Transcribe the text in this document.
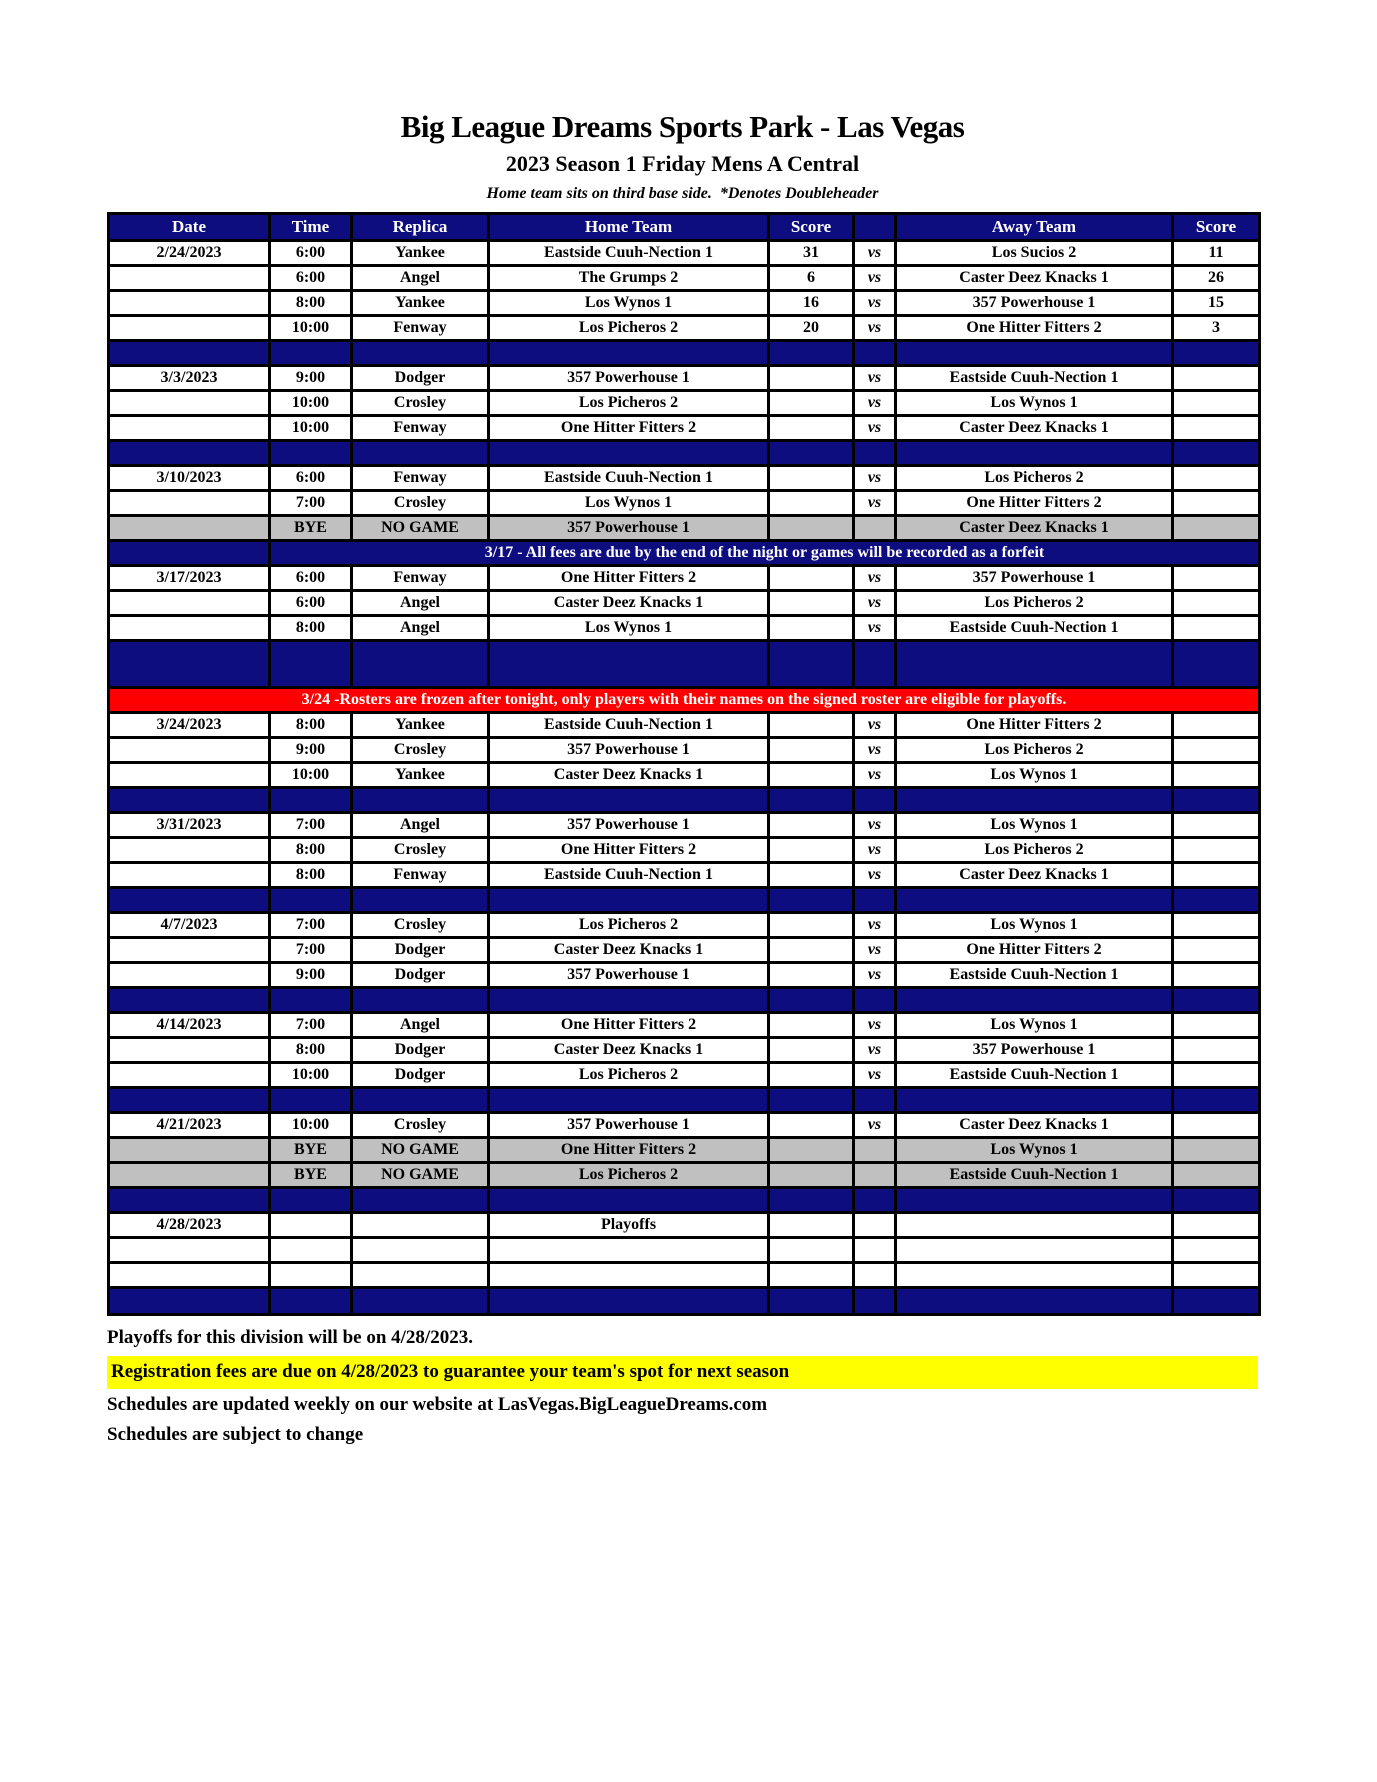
Big League Dreams Sports Park - Las Vegas
2023 Season 1 Friday Mens A Central
Home team sits on third base side.  *Denotes Doubleheader
Date	Time	Replica	Home Team	Score		Away Team	Score
2/24/2023	6:00	Yankee	Eastside Cuuh-Nection 1	31	vs	Los Sucios 2	11
	6:00	Angel	The Grumps 2	6	vs	Caster Deez Knacks 1	26
	8:00	Yankee	Los Wynos 1	16	vs	357 Powerhouse 1	15
	10:00	Fenway	Los Picheros 2	20	vs	One Hitter Fitters 2	3

3/3/2023	9:00	Dodger	357 Powerhouse 1		vs	Eastside Cuuh-Nection 1	
	10:00	Crosley	Los Picheros 2		vs	Los Wynos 1	
	10:00	Fenway	One Hitter Fitters 2		vs	Caster Deez Knacks 1	

3/10/2023	6:00	Fenway	Eastside Cuuh-Nection 1		vs	Los Picheros 2	
	7:00	Crosley	Los Wynos 1		vs	One Hitter Fitters 2	
	BYE	NO GAME	357 Powerhouse 1			Caster Deez Knacks 1	
	3/17 - All fees are due by the end of the night or games will be recorded as a forfeit						
3/17/2023	6:00	Fenway	One Hitter Fitters 2		vs	357 Powerhouse 1	
	6:00	Angel	Caster Deez Knacks 1		vs	Los Picheros 2	
	8:00	Angel	Los Wynos 1		vs	Eastside Cuuh-Nection 1	

3/24 -Rosters are frozen after tonight, only players with their names on the signed roster are eligible for playoffs.							
3/24/2023	8:00	Yankee	Eastside Cuuh-Nection 1		vs	One Hitter Fitters 2	
	9:00	Crosley	357 Powerhouse 1		vs	Los Picheros 2	
	10:00	Yankee	Caster Deez Knacks 1		vs	Los Wynos 1	

3/31/2023	7:00	Angel	357 Powerhouse 1		vs	Los Wynos 1	
	8:00	Crosley	One Hitter Fitters 2		vs	Los Picheros 2	
	8:00	Fenway	Eastside Cuuh-Nection 1		vs	Caster Deez Knacks 1	

4/7/2023	7:00	Crosley	Los Picheros 2		vs	Los Wynos 1	
	7:00	Dodger	Caster Deez Knacks 1		vs	One Hitter Fitters 2	
	9:00	Dodger	357 Powerhouse 1		vs	Eastside Cuuh-Nection 1	

4/14/2023	7:00	Angel	One Hitter Fitters 2		vs	Los Wynos 1	
	8:00	Dodger	Caster Deez Knacks 1		vs	357 Powerhouse 1	
	10:00	Dodger	Los Picheros 2		vs	Eastside Cuuh-Nection 1	

4/21/2023	10:00	Crosley	357 Powerhouse 1		vs	Caster Deez Knacks 1	
	BYE	NO GAME	One Hitter Fitters 2			Los Wynos 1	
	BYE	NO GAME	Los Picheros 2			Eastside Cuuh-Nection 1	

4/28/2023			Playoffs				

Playoffs for this division will be on 4/28/2023.
Registration fees are due on 4/28/2023 to guarantee your team's spot for next season
Schedules are updated weekly on our website at LasVegas.BigLeagueDreams.com
Schedules are subject to change
